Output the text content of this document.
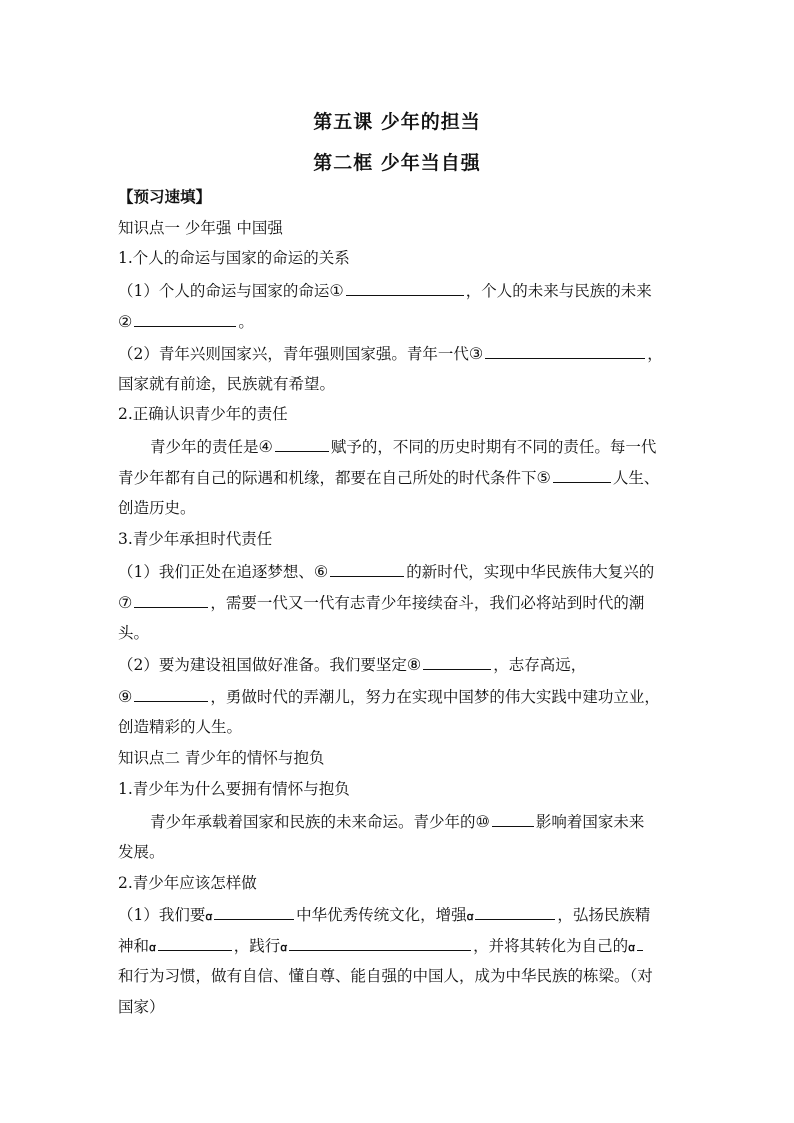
第五课 少年的担当
第二框 少年当自强
【预习速填】
知识点一 少年强 中国强
1.个人的命运与国家的命运的关系
（1）个人的命运与国家的命运①	，个人的未来与民族的未来
②	。
（2）青年兴则国家兴，青年强则国家强。青年一代③	，
国家就有前途，民族就有希望。
2.正确认识青少年的责任
青少年的责任是④	赋予的，不同的历史时期有不同的责任。每一代
青少年都有自己的际遇和机缘，都要在自己所处的时代条件下⑤	人生、
创造历史。
3.青少年承担时代责任
（1）我们正处在追逐梦想、⑥	的新时代，实现中华民族伟大复兴的
⑦	，需要一代又一代有志青少年接续奋斗，我们必将站到时代的潮
头。
（2）要为建设祖国做好准备。我们要坚定⑧	，志存高远，
⑨	，勇做时代的弄潮儿，努力在实现中国梦的伟大实践中建功立业，
创造精彩的人生。
知识点二 青少年的情怀与抱负
1.青少年为什么要拥有情怀与抱负
青少年承载着国家和民族的未来命运。青少年的⑩	影响着国家未来
发展。
2.青少年应该怎样做
（1）我们要ꭤ	中华优秀传统文化，增强ꭤ	，弘扬民族精
神和ꭤ	，践行ꭤ	，并将其转化为自己的ꭤ
和行为习惯，做有自信、懂自尊、能自强的中国人，成为中华民族的栋梁。（对
国家）
